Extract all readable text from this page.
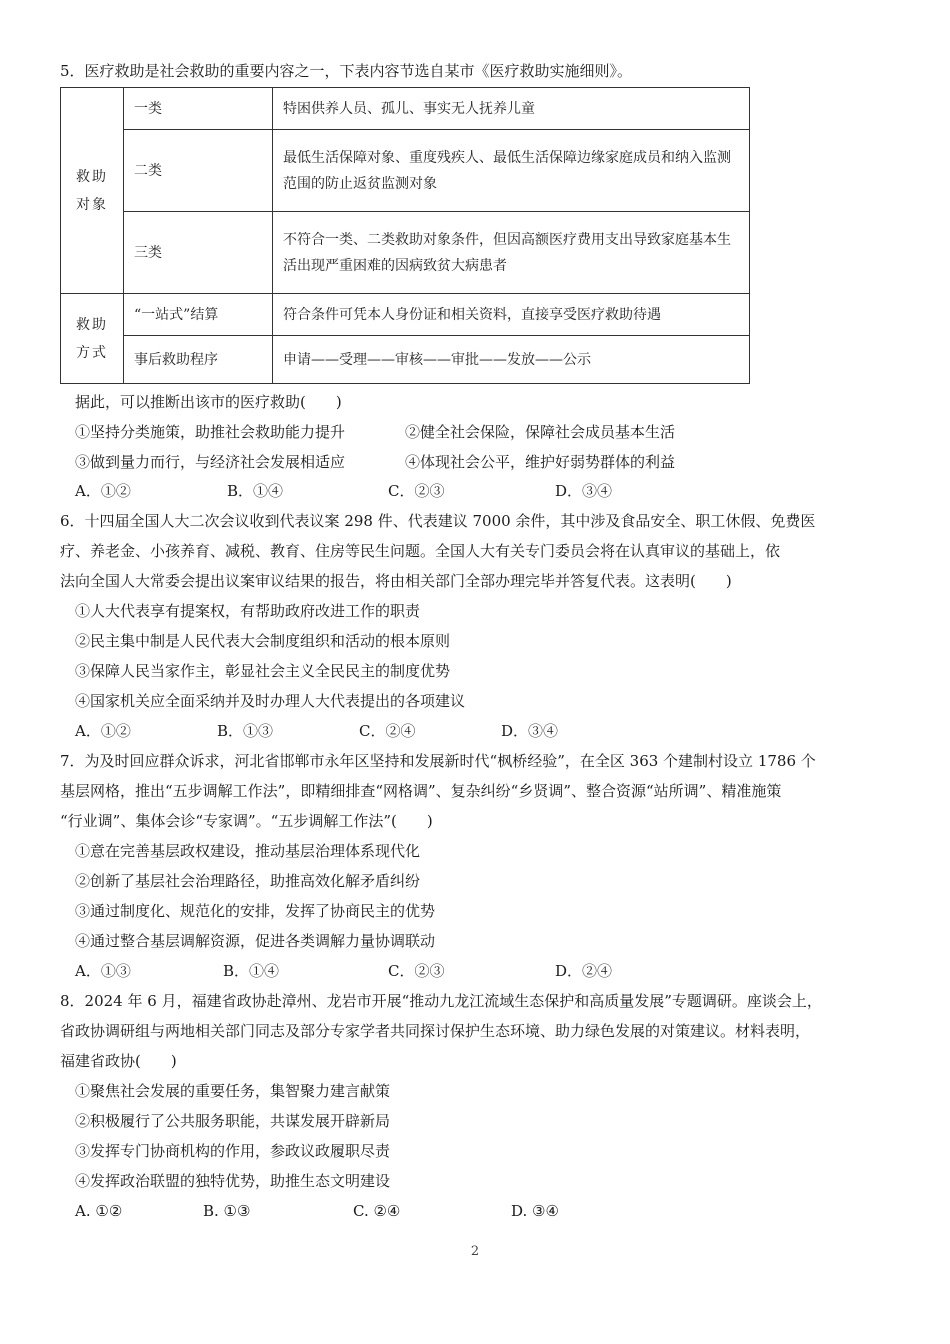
5．医疗救助是社会救助的重要内容之一，下表内容节选自某市《医疗救助实施细则》。
救助对象	一类	特困供养人员、孤儿、事实无人抚养儿童
	二类	最低生活保障对象、重度残疾人、最低生活保障边缘家庭成员和纳入监测范围的防止返贫监测对象
	三类	不符合一类、二类救助对象条件，但因高额医疗费用支出导致家庭基本生活出现严重困难的因病致贫大病患者
救助方式	“一站式”结算	符合条件可凭本人身份证和相关资料，直接享受医疗救助待遇
	事后救助程序	申请——受理——审核——审批——发放——公示
据此，可以推断出该市的医疗救助(　　)
①坚持分类施策，助推社会救助能力提升	②健全社会保险，保障社会成员基本生活
③做到量力而行，与经济社会发展相适应	④体现社会公平，维护好弱势群体的利益
A．①②	B．①④	C．②③	D．③④
6．十四届全国人大二次会议收到代表议案 298 件、代表建议 7000 余件，其中涉及食品安全、职工休假、免费医
疗、养老金、小孩养育、减税、教育、住房等民生问题。全国人大有关专门委员会将在认真审议的基础上，依
法向全国人大常委会提出议案审议结果的报告，将由相关部门全部办理完毕并答复代表。这表明(　　)
①人大代表享有提案权，有帮助政府改进工作的职责
②民主集中制是人民代表大会制度组织和活动的根本原则
③保障人民当家作主，彰显社会主义全民民主的制度优势
④国家机关应全面采纳并及时办理人大代表提出的各项建议
A．①②	B．①③	C．②④	D．③④
7．为及时回应群众诉求，河北省邯郸市永年区坚持和发展新时代“枫桥经验”，在全区 363 个建制村设立 1786 个
基层网格，推出“五步调解工作法”，即精细排查“网格调”、复杂纠纷“乡贤调”、整合资源“站所调”、精准施策
“行业调”、集体会诊“专家调”。“五步调解工作法”(　　)
①意在完善基层政权建设，推动基层治理体系现代化
②创新了基层社会治理路径，助推高效化解矛盾纠纷
③通过制度化、规范化的安排，发挥了协商民主的优势
④通过整合基层调解资源，促进各类调解力量协调联动
A．①③	B．①④	C．②③	D．②④
8．2024 年 6 月，福建省政协赴漳州、龙岩市开展“推动九龙江流域生态保护和高质量发展”专题调研。座谈会上，
省政协调研组与两地相关部门同志及部分专家学者共同探讨保护生态环境、助力绿色发展的对策建议。材料表明，
福建省政协(　　)
①聚焦社会发展的重要任务，集智聚力建言献策
②积极履行了公共服务职能，共谋发展开辟新局
③发挥专门协商机构的作用，参政议政履职尽责
④发挥政治联盟的独特优势，助推生态文明建设
A. ①②	B. ①③	C. ②④	D. ③④
2
